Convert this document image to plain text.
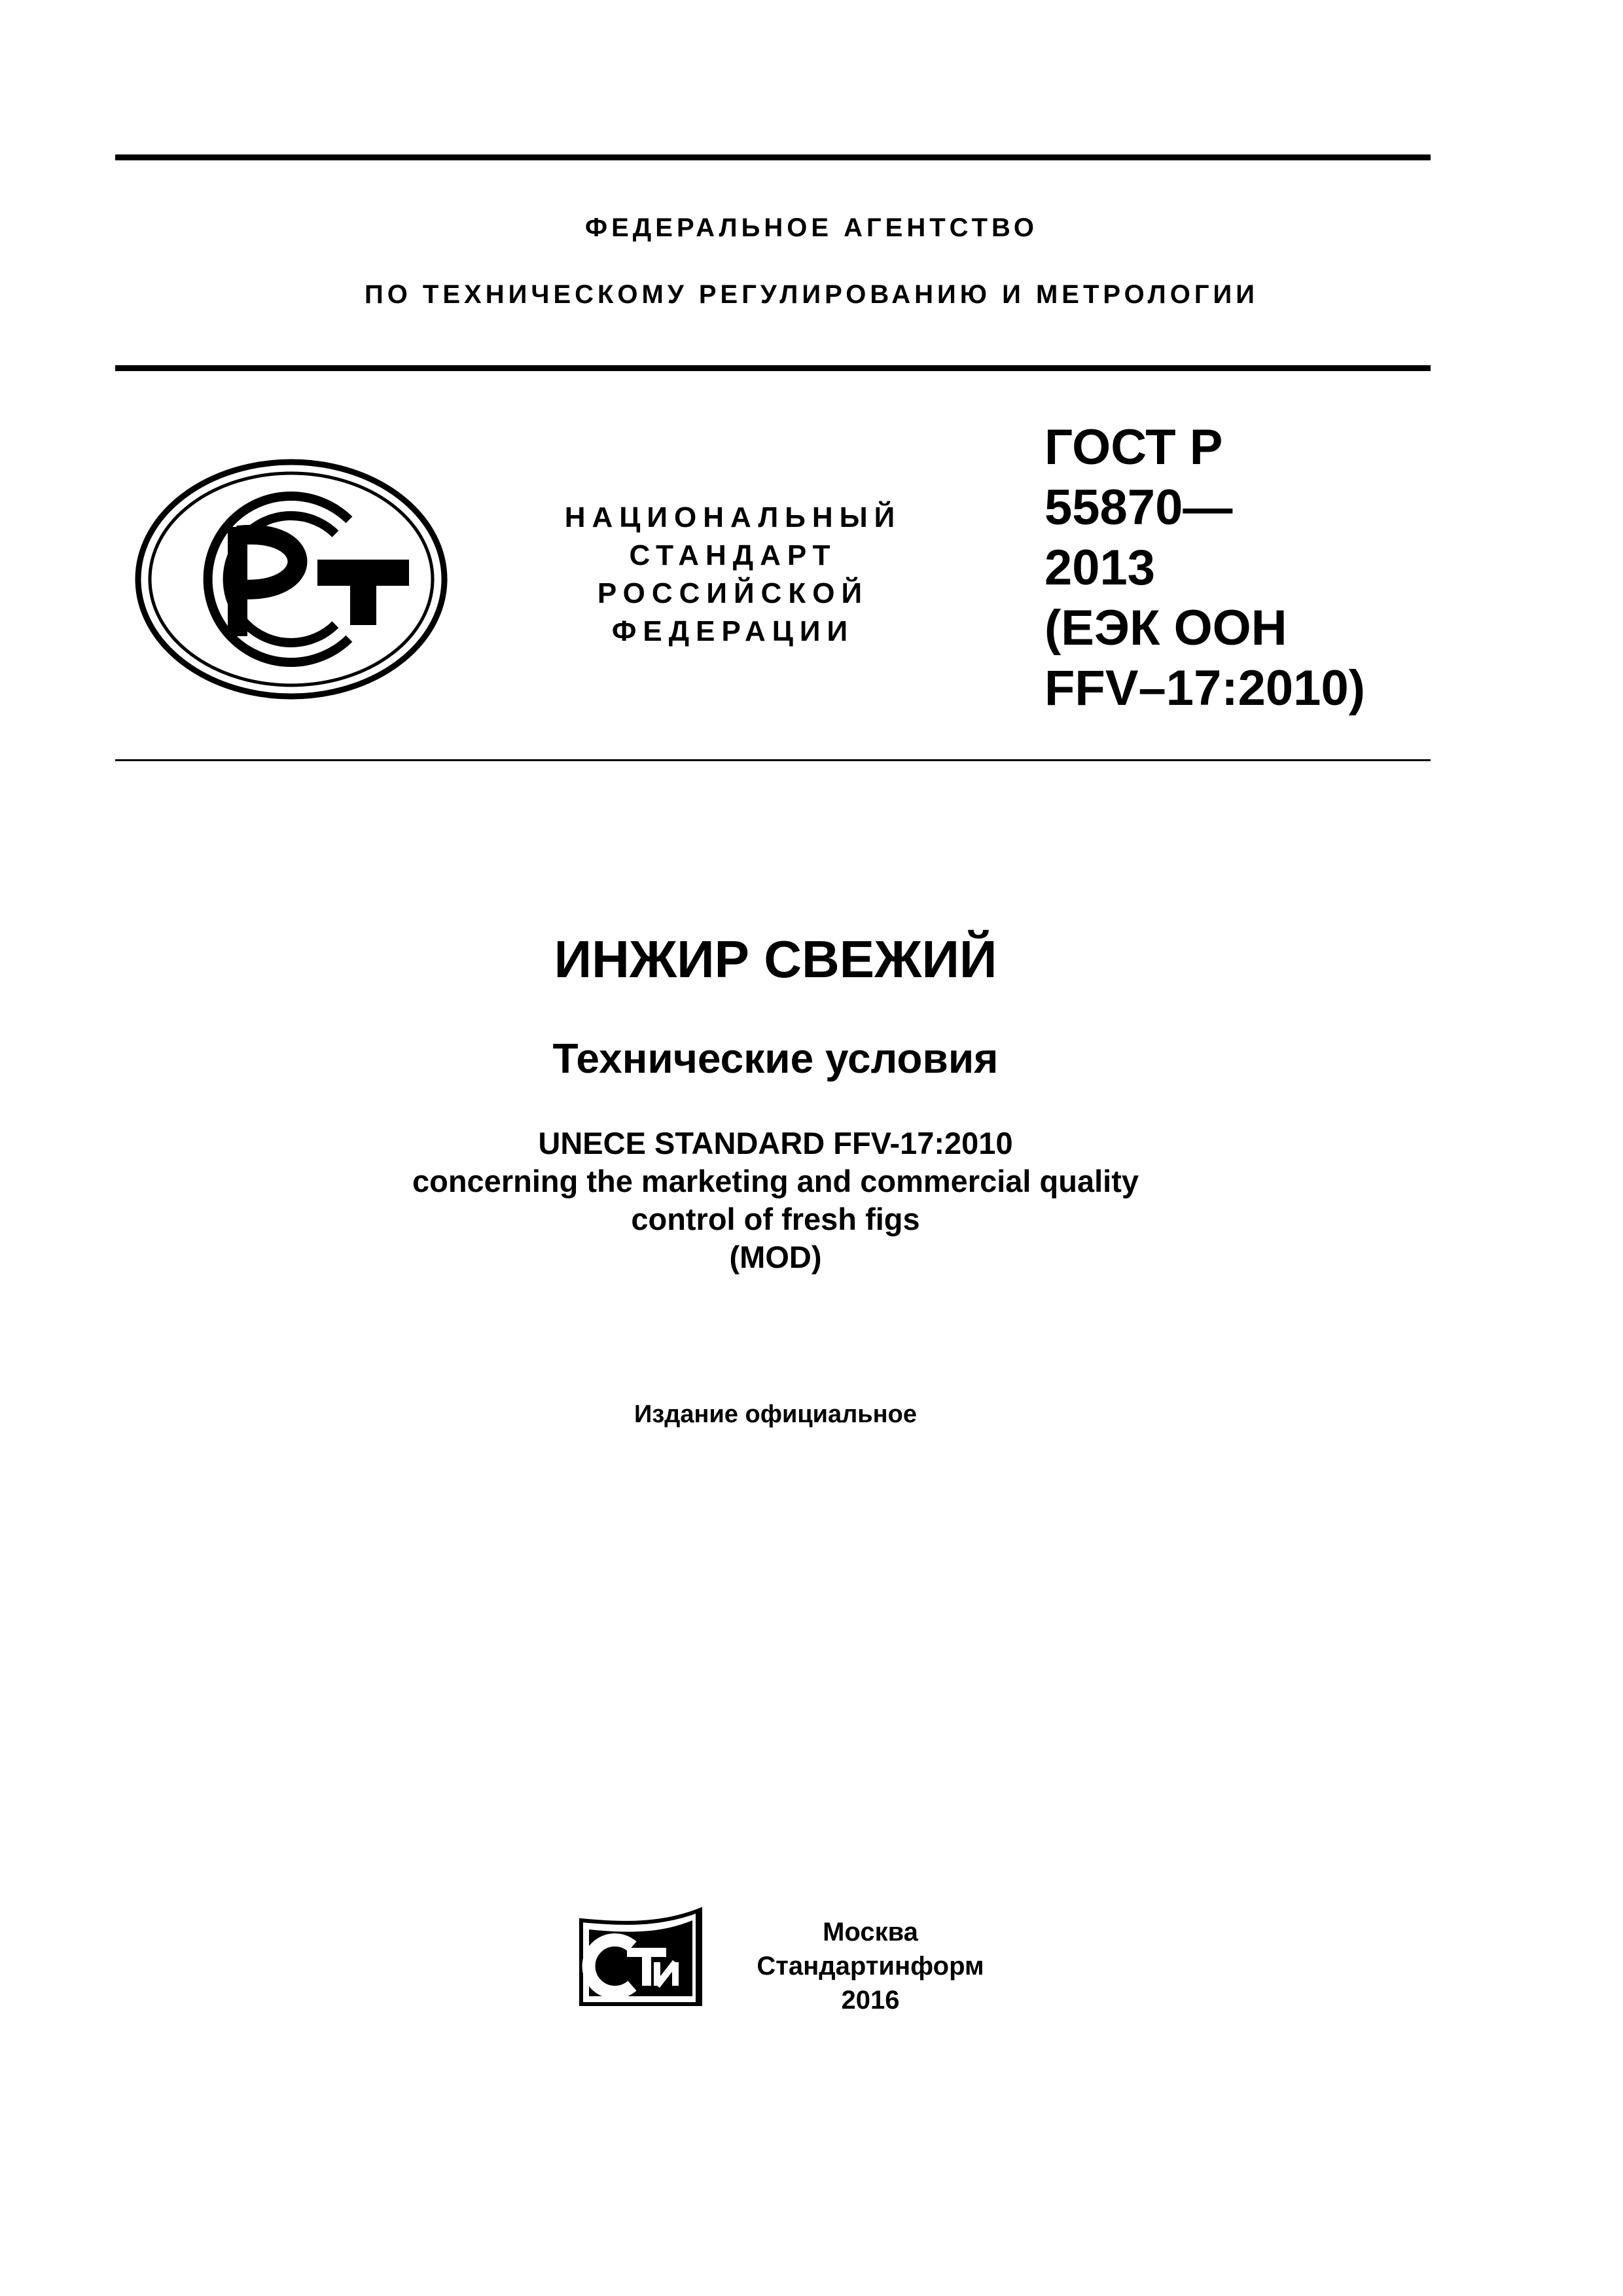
ФЕДЕРАЛЬНОЕ АГЕНТСТВО
ПО ТЕХНИЧЕСКОМУ РЕГУЛИРОВАНИЮ И МЕТРОЛОГИИ
НАЦИОНАЛЬНЫЙ
СТАНДАРТ
РОССИЙСКОЙ
ФЕДЕРАЦИИ
ГОСТ Р
55870—
2013
(ЕЭК ООН
FFV–17:2010)
ИНЖИР СВЕЖИЙ
Технические условия
UNECE STANDARD FFV-17:2010
concerning the marketing and commercial quality
control of fresh figs
(MOD)
Издание официальное
Москва
Стандартинформ
2016
